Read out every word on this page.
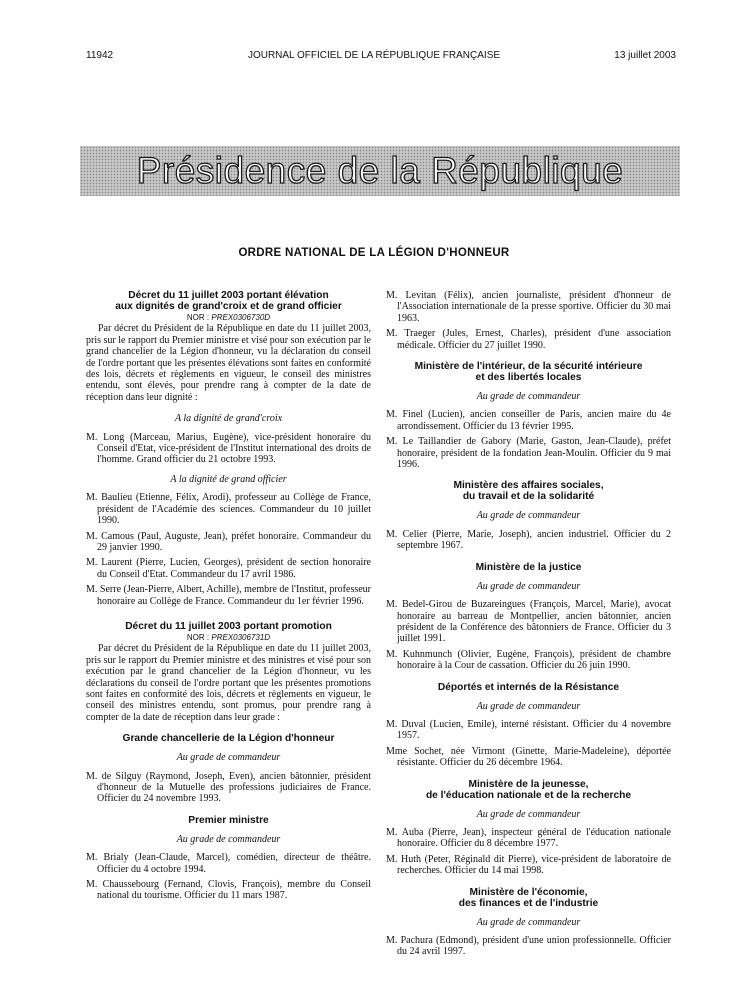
11942	JOURNAL OFFICIEL DE LA RÉPUBLIQUE FRANÇAISE	13 juillet 2003
Présidence de la République
ORDRE NATIONAL DE LA LÉGION D'HONNEUR

Décret du 11 juillet 2003 portant élévation
aux dignités de grand'croix et de grand officier

NOR : PREX0306730D

Par décret du Président de la République en date du 11 juillet 2003, pris sur le rapport du Premier ministre et visé pour son exécution par le grand chancelier de la Légion d'honneur, vu la déclaration du conseil de l'ordre portant que les présentes élévations sont faites en conformité des lois, décrets et règlements en vigueur, le conseil des ministres entendu, sont élevés, pour prendre rang à compter de la date de réception dans leur dignité :

A la dignité de grand'croix

M. Long (Marceau, Marius, Eugène), vice-président honoraire du Conseil d'Etat, vice-président de l'Institut international des droits de l'homme. Grand officier du 21 octobre 1993.

A la dignité de grand officier

M. Baulieu (Etienne, Félix, Arodi), professeur au Collège de France, président de l'Académie des sciences. Commandeur du 10 juillet 1990.

M. Camous (Paul, Auguste, Jean), préfet honoraire. Commandeur du 29 janvier 1990.

M. Laurent (Pierre, Lucien, Georges), président de section honoraire du Conseil d'Etat. Commandeur du 17 avril 1986.

M. Serre (Jean-Pierre, Albert, Achille), membre de l'Institut, professeur honoraire au Collège de France. Commandeur du 1er février 1996.

Décret du 11 juillet 2003 portant promotion

NOR : PREX0306731D

Par décret du Président de la République en date du 11 juillet 2003, pris sur le rapport du Premier ministre et des ministres et visé pour son exécution par le grand chancelier de la Légion d'honneur, vu les déclarations du conseil de l'ordre portant que les présentes promotions sont faites en conformité des lois, décrets et règlements en vigueur, le conseil des ministres entendu, sont promus, pour prendre rang à compter de la date de réception dans leur grade :

Grande chancellerie de la Légion d'honneur

Au grade de commandeur

M. de Silguy (Raymond, Joseph, Even), ancien bâtonnier, président d'honneur de la Mutuelle des professions judiciaires de France. Officier du 24 novembre 1993.

Premier ministre

Au grade de commandeur

M. Brialy (Jean-Claude, Marcel), comédien, directeur de théâtre. Officier du 4 octobre 1994.

M. Chaussebourg (Fernand, Clovis, François), membre du Conseil national du tourisme. Officier du 11 mars 1987.

M. Levitan (Félix), ancien journaliste, président d'honneur de l'Association internationale de la presse sportive. Officier du 30 mai 1963.

M. Traeger (Jules, Ernest, Charles), président d'une association médicale. Officier du 27 juillet 1990.

Ministère de l'intérieur, de la sécurité intérieure
et des libertés locales

Au grade de commandeur

M. Finel (Lucien), ancien conseiller de Paris, ancien maire du 4e arrondissement. Officier du 13 février 1995.

M. Le Taillandier de Gabory (Marie, Gaston, Jean-Claude), préfet honoraire, président de la fondation Jean-Moulin. Officier du 9 mai 1996.

Ministère des affaires sociales,
du travail et de la solidarité

Au grade de commandeur

M. Celier (Pierre, Marie, Joseph), ancien industriel. Officier du 2 septembre 1967.

Ministère de la justice

Au grade de commandeur

M. Bedel-Girou de Buzareingues (François, Marcel, Marie), avocat honoraire au barreau de Montpellier, ancien bâtonnier, ancien président de la Conférence des bâtonniers de France. Officier du 3 juillet 1991.

M. Kuhnmunch (Olivier, Eugène, François), président de chambre honoraire à la Cour de cassation. Officier du 26 juin 1990.

Déportés et internés de la Résistance

Au grade de commandeur

M. Duval (Lucien, Emile), interné résistant. Officier du 4 novembre 1957.

Mme Sochet, née Virmont (Ginette, Marie-Madeleine), déportée résistante. Officier du 26 décembre 1964.

Ministère de la jeunesse,
de l'éducation nationale et de la recherche

Au grade de commandeur

M. Auba (Pierre, Jean), inspecteur général de l'éducation nationale honoraire. Officier du 8 décembre 1977.

M. Huth (Peter, Réginald dit Pierre), vice-président de laboratoire de recherches. Officier du 14 mai 1998.

Ministère de l'économie,
des finances et de l'industrie

Au grade de commandeur

M. Pachura (Edmond), président d'une union professionnelle. Officier du 24 avril 1997.
